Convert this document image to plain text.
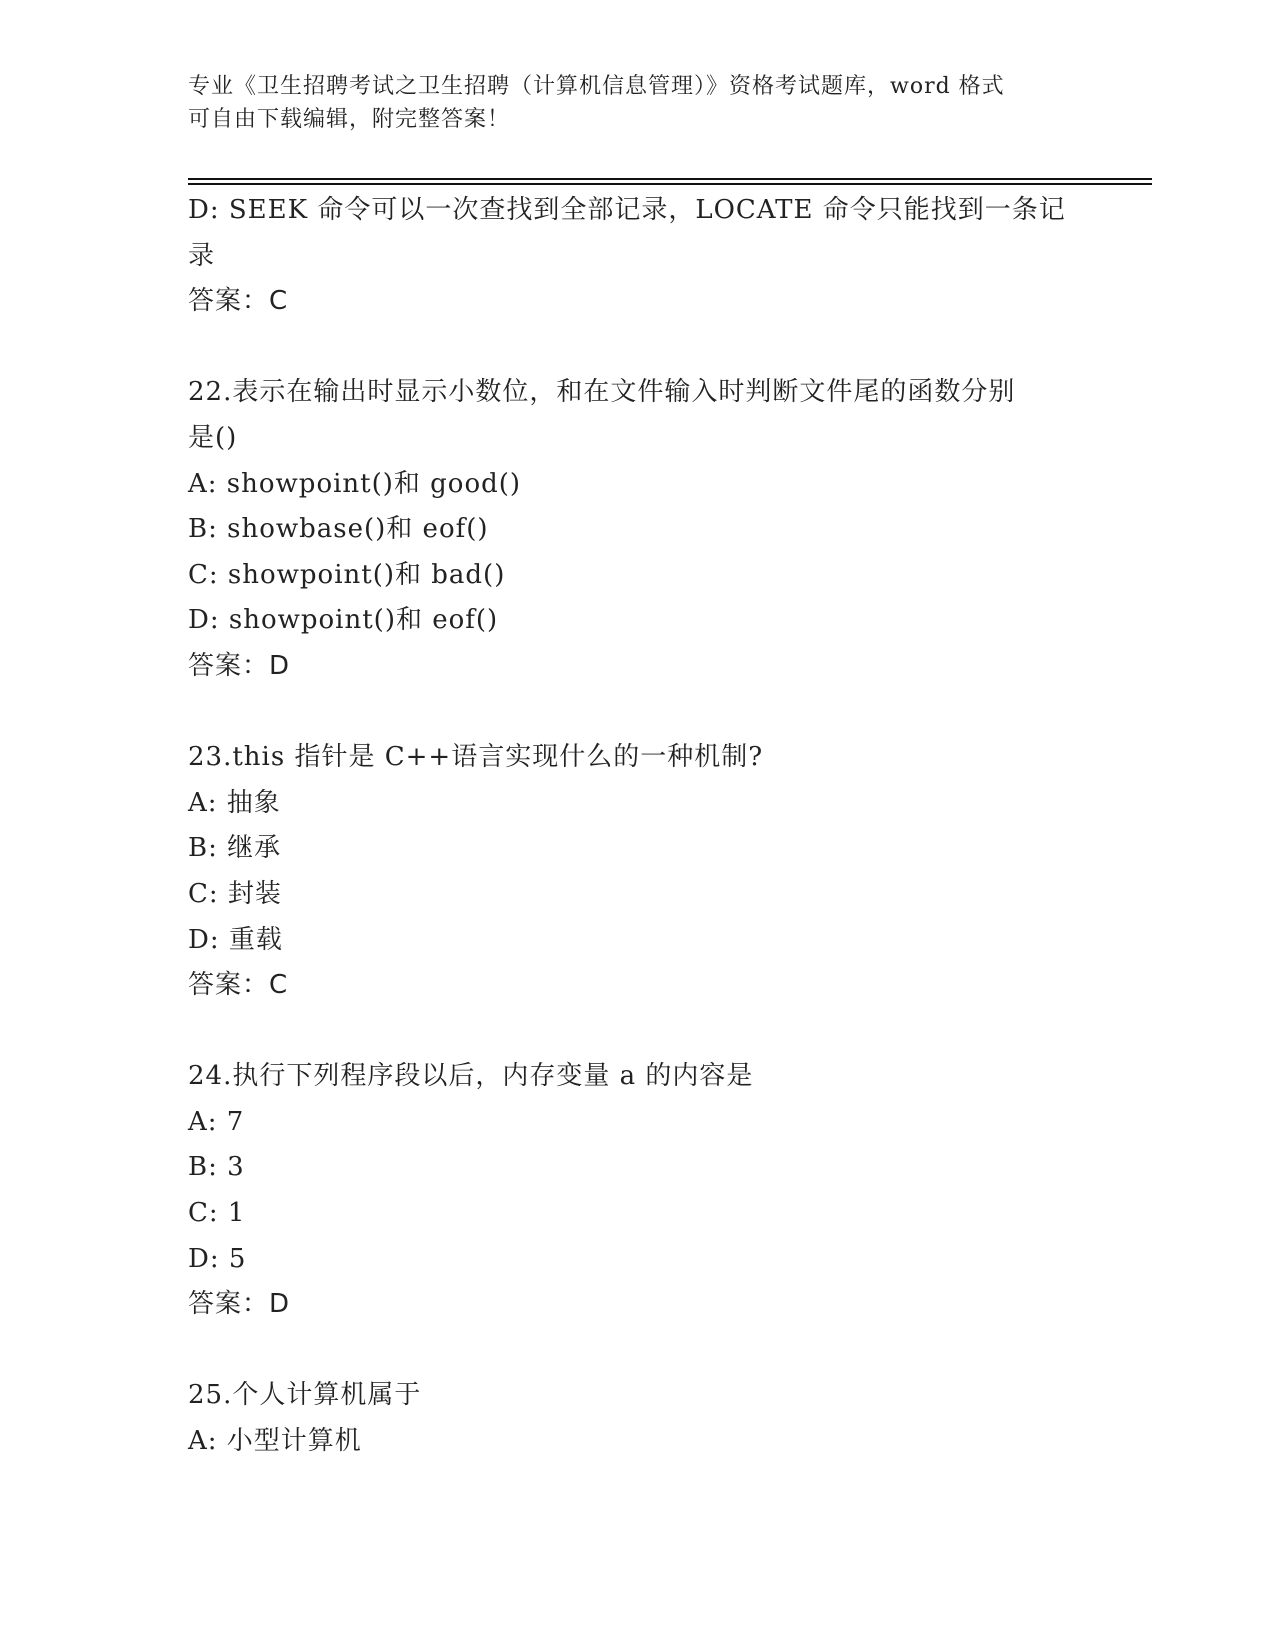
专业《卫生招聘考试之卫生招聘（计算机信息管理）》资格考试题库，word 格式
可自由下载编辑，附完整答案！
D: SEEK 命令可以一次查找到全部记录，LOCATE 命令只能找到一条记
录
答案：C
22.表示在输出时显示小数位，和在文件输入时判断文件尾的函数分别
是()
A: showpoint()和 good()
B: showbase()和 eof()
C: showpoint()和 bad()
D: showpoint()和 eof()
答案：D
23.this 指针是 C++语言实现什么的一种机制?
A: 抽象
B: 继承
C: 封装
D: 重载
答案：C
24.执行下列程序段以后，内存变量 a 的内容是
A: 7
B: 3
C: 1
D: 5
答案：D
25.个人计算机属于
A: 小型计算机
